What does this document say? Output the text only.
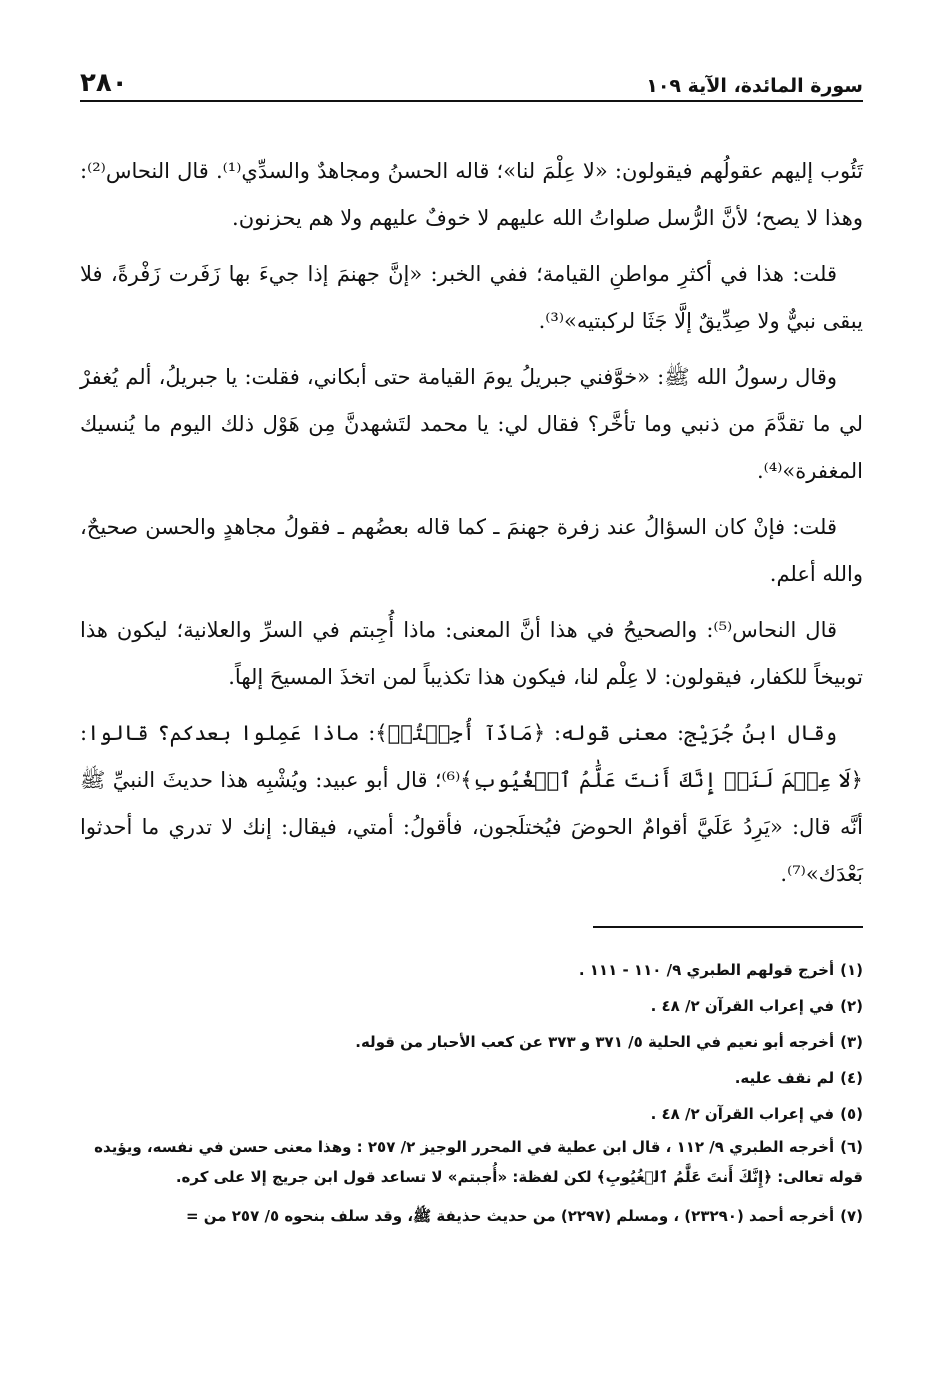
سورة المائدة، الآية ١٠٩
٢٨٠

تَئُوب إليهم عقولُهم فيقولون: «لا عِلْمَ لنا»؛ قاله الحسنُ ومجاهدٌ والسدِّي⁽¹⁾. قال النحاس⁽²⁾: وهذا لا يصح؛ لأنَّ الرُّسل صلواتُ الله عليهم لا خوفٌ عليهم ولا هم يحزنون.

قلت: هذا في أكثرِ مواطنِ القيامة؛ ففي الخبر: «إنَّ جهنمَ إذا جيءَ بها زَفَرت زَفْرةً، فلا يبقى نبيٌّ ولا صِدِّيقٌ إلَّا جَثَا لركبتيه»⁽³⁾.

وقال رسولُ الله ﷺ: «خوَّفني جبريلُ يومَ القيامة حتى أبكاني، فقلت: يا جبريلُ، ألم يُغفرْ لي ما تقدَّمَ من ذنبي وما تأخَّر؟ فقال لي: يا محمد لتَشهدنَّ مِن هَوْل ذلك اليوم ما يُنسيك المغفرة»⁽⁴⁾.

قلت: فإنْ كان السؤالُ عند زفرة جهنمَ ـ كما قاله بعضُهم ـ فقولُ مجاهدٍ والحسن صحيحٌ، والله أعلم.

قال النحاس⁽⁵⁾: والصحيحُ في هذا أنَّ المعنى: ماذا أُجِبتم في السرِّ والعلانية؛ ليكون هذا توبيخاً للكفار، فيقولون: لا عِلْم لنا، فيكون هذا تكذيباً لمن اتخذَ المسيحَ إلهاً.

وقال ابنُ جُرَيْج: معنى قوله: ﴿مَاذَآ أُجِبۡتُمۡ﴾: ماذا عَمِلوا بعدكم؟ قالوا: ﴿لَا عِلۡمَ لَنَآۖ إِنَّكَ أَنتَ عَلَّٰمُ ٱلۡغُيُوبِ﴾⁽⁶⁾؛ قال أبو عبيد: ويُشْبِه هذا حديثَ النبيِّ ﷺ أنَّه قال: «يَرِدُ عَلَيَّ أقوامٌ الحوضَ فيُختلَجون، فأقولُ: أمتي، فيقال: إنك لا تدري ما أحدثوا بَعْدَك»⁽⁷⁾.

(١)أخرج قولهم الطبري ٩/ ١١٠ - ١١١ .

(٢)في إعراب القرآن ٢/ ٤٨ .

(٣)أخرجه أبو نعيم في الحلية ٥/ ٣٧١ و ٣٧٣ عن كعب الأحبار من قوله.

(٤)لم نقف عليه.

(٥)في إعراب القرآن ٢/ ٤٨ .

(٦)أخرجه الطبري ٩/ ١١٢ ، قال ابن عطية في المحرر الوجيز ٢/ ٢٥٧ : وهذا معنى حسن في نفسه، ويؤيده قوله تعالى: ﴿إِنَّكَ أَنتَ عَلَّٰمُ ٱلۡغُيُوبِ﴾ لكن لفظة: «أُجبتم» لا تساعد قول ابن جريج إلا على كره.

(٧)أخرجه أحمد (٢٣٢٩٠) ، ومسلم (٢٢٩٧) من حديث حذيفة ﷺ، وقد سلف بنحوه ٥/ ٢٥٧ من =
